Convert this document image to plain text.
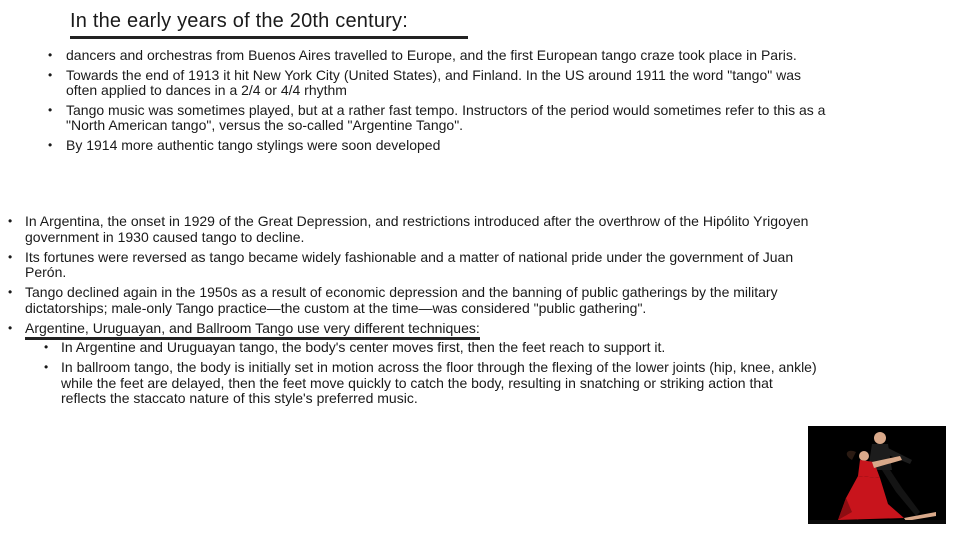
In the early years of the 20th century:
• dancers and orchestras from Buenos Aires travelled to Europe, and the first European tango craze took place in Paris.
• Towards the end of 1913 it hit New York City (United States), and Finland. In the US around 1911 the word "tango" was often applied to dances in a 2/4 or 4/4 rhythm
• Tango music was sometimes played, but at a rather fast tempo. Instructors of the period would sometimes refer to this as a "North American tango", versus the so-called "Argentine Tango".
• By 1914 more authentic tango stylings were soon developed
• In Argentina, the onset in 1929 of the Great Depression, and restrictions introduced after the overthrow of the Hipólito Yrigoyen government in 1930 caused tango to decline.
• Its fortunes were reversed as tango became widely fashionable and a matter of national pride under the government of Juan Perón.
• Tango declined again in the 1950s as a result of economic depression and the banning of public gatherings by the military dictatorships; male-only Tango practice—the custom at the time—was considered "public gathering".
• Argentine, Uruguayan, and Ballroom Tango use very different techniques:
• In Argentine and Uruguayan tango, the body's center moves first, then the feet reach to support it.
• In ballroom tango, the body is initially set in motion across the floor through the flexing of the lower joints (hip, knee, ankle) while the feet are delayed, then the feet move quickly to catch the body, resulting in snatching or striking action that reflects the staccato nature of this style's preferred music.
